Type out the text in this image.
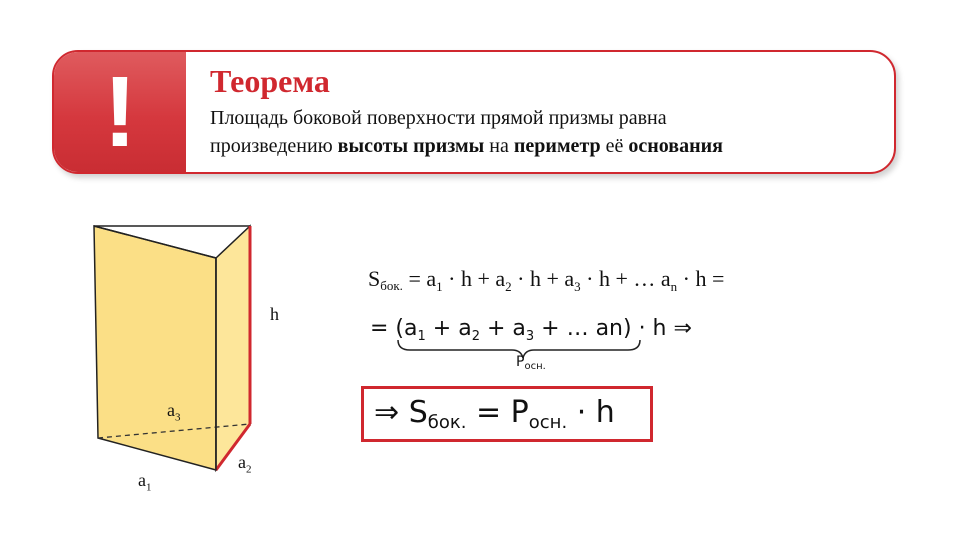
!	Теорема
Площадь боковой поверхности прямой призмы равна
произведению высоты призмы на периметр её основания
h
$a_3$
$a_2$
$a_1$
Sбок. = $a_1 \cdot h + a_2 \cdot h + a_3 \cdot h$ + … $a_n \cdot h$ =
= ($a_1 + a_2 + a_3$ + … an) · h ⇒
$P_{осн.}$
⇒ $S_{бок.} = P_{осн.} \cdot h$
